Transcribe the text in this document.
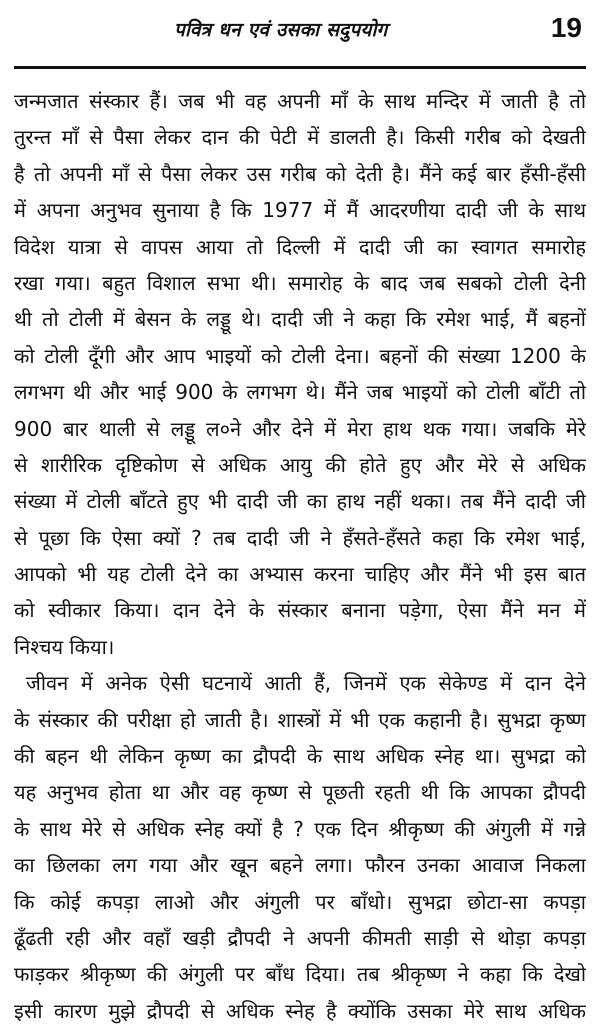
पवित्र धन एवं उसका सदुपयोग	19
जन्मजात संस्कार हैं। जब भी वह अपनी माँ के साथ मन्दिर में जाती है तो
तुरन्त माँ से पैसा लेकर दान की पेटी में डालती है। किसी गरीब को देखती
है तो अपनी माँ से पैसा लेकर उस गरीब को देती है। मैंने कई बार हँसी-हँसी
में अपना अनुभव सुनाया है कि 1977 में मैं आदरणीया दादी जी के साथ
विदेश यात्रा से वापस आया तो दिल्ली में दादी जी का स्वागत समारोह
रखा गया। बहुत विशाल सभा थी। समारोह के बाद जब सबको टोली देनी
थी तो टोली में बेसन के लड्डू थे। दादी जी ने कहा कि रमेश भाई, मैं बहनों
को टोली दूँगी और आप भाइयों को टोली देना। बहनों की संख्या 1200 के
लगभग थी और भाई 900 के लगभग थे। मैंने जब भाइयों को टोली बाँटी तो
900 बार थाली से लड्डू ल०ने और देने में मेरा हाथ थक गया। जबकि मेरे
से शारीरिक दृष्टिकोण से अधिक आयु की होते हुए और मेरे से अधिक
संख्या में टोली बाँटते हुए भी दादी जी का हाथ नहीं थका। तब मैंने दादी जी
से पूछा कि ऐसा क्यों ? तब दादी जी ने हँसते-हँसते कहा कि रमेश भाई,
आपको भी यह टोली देने का अभ्यास करना चाहिए और मैंने भी इस बात
को स्वीकार किया। दान देने के संस्कार बनाना पड़ेगा, ऐसा मैंने मन में
निश्चय किया।
जीवन में अनेक ऐसी घटनायें आती हैं, जिनमें एक सेकेण्ड में दान देने
के संस्कार की परीक्षा हो जाती है। शास्त्रों में भी एक कहानी है। सुभद्रा कृष्ण
की बहन थी लेकिन कृष्ण का द्रौपदी के साथ अधिक स्नेह था। सुभद्रा को
यह अनुभव होता था और वह कृष्ण से पूछती रहती थी कि आपका द्रौपदी
के साथ मेरे से अधिक स्नेह क्यों है ? एक दिन श्रीकृष्ण की अंगुली में गन्ने
का छिलका लग गया और खून बहने लगा। फौरन उनका आवाज निकला
कि कोई कपड़ा लाओ और अंगुली पर बाँधो। सुभद्रा छोटा-सा कपड़ा
ढूँढती रही और वहाँ खड़ी द्रौपदी ने अपनी कीमती साड़ी से थोड़ा कपड़ा
फाड़कर श्रीकृष्ण की अंगुली पर बाँध दिया। तब श्रीकृष्ण ने कहा कि देखो
इसी कारण मुझे द्रौपदी से अधिक स्नेह है क्योंकि उसका मेरे साथ अधिक
